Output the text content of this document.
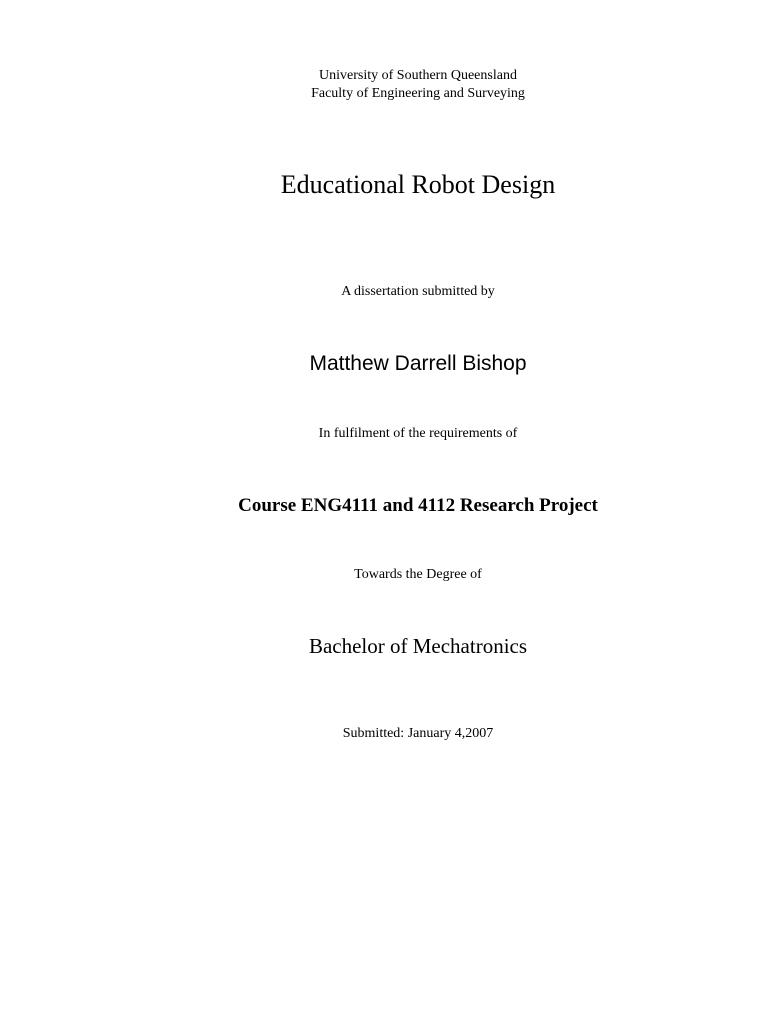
University of Southern Queensland
Faculty of Engineering and Surveying
Educational Robot Design
A dissertation submitted by
Matthew Darrell Bishop
In fulfilment of the requirements of
Course ENG4111 and 4112 Research Project
Towards the Degree of
Bachelor of Mechatronics
Submitted: January 4,2007
